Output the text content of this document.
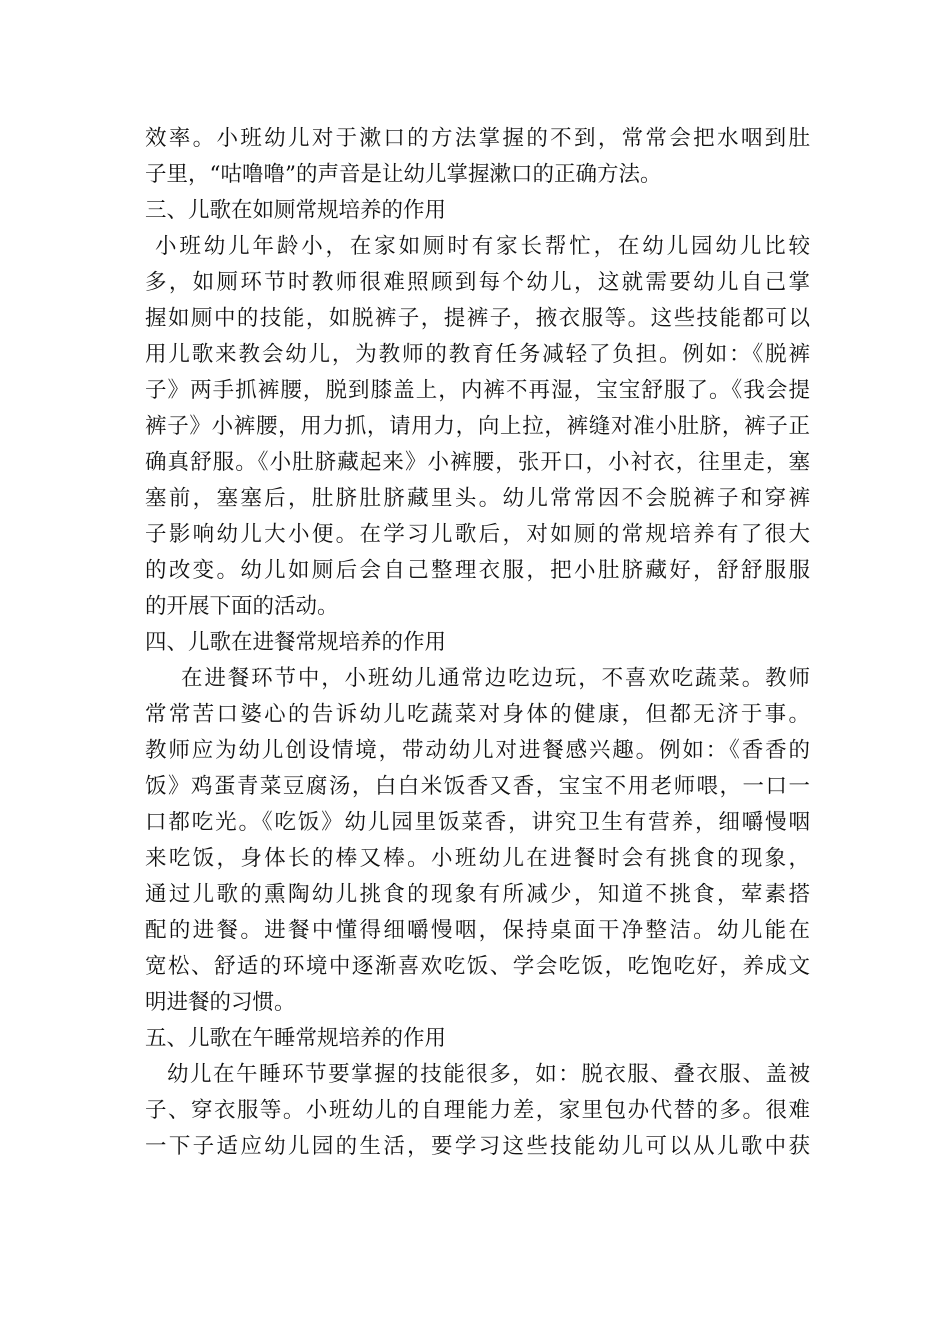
效率。小班幼儿对于漱口的方法掌握的不到，常常会把水咽到肚
子里，“咕噜噜”的声音是让幼儿掌握漱口的正确方法。
三、儿歌在如厕常规培养的作用
小班幼儿年龄小，在家如厕时有家长帮忙，在幼儿园幼儿比较
多，如厕环节时教师很难照顾到每个幼儿，这就需要幼儿自己掌
握如厕中的技能，如脱裤子，提裤子，掖衣服等。这些技能都可以
用儿歌来教会幼儿，为教师的教育任务减轻了负担。例如：《脱裤
子》两手抓裤腰，脱到膝盖上，内裤不再湿，宝宝舒服了。《我会提
裤子》小裤腰，用力抓，请用力，向上拉，裤缝对准小肚脐，裤子正
确真舒服。《小肚脐藏起来》小裤腰，张开口，小衬衣，往里走，塞
塞前，塞塞后，肚脐肚脐藏里头。幼儿常常因不会脱裤子和穿裤
子影响幼儿大小便。在学习儿歌后，对如厕的常规培养有了很大
的改变。幼儿如厕后会自己整理衣服，把小肚脐藏好，舒舒服服
的开展下面的活动。
四、儿歌在进餐常规培养的作用
在进餐环节中，小班幼儿通常边吃边玩，不喜欢吃蔬菜。教师
常常苦口婆心的告诉幼儿吃蔬菜对身体的健康，但都无济于事。
教师应为幼儿创设情境，带动幼儿对进餐感兴趣。例如：《香香的
饭》鸡蛋青菜豆腐汤，白白米饭香又香，宝宝不用老师喂，一口一
口都吃光。《吃饭》幼儿园里饭菜香，讲究卫生有营养，细嚼慢咽
来吃饭，身体长的棒又棒。小班幼儿在进餐时会有挑食的现象，
通过儿歌的熏陶幼儿挑食的现象有所减少，知道不挑食，荤素搭
配的进餐。进餐中懂得细嚼慢咽，保持桌面干净整洁。幼儿能在
宽松、舒适的环境中逐渐喜欢吃饭、学会吃饭，吃饱吃好，养成文
明进餐的习惯。
五、儿歌在午睡常规培养的作用
幼儿在午睡环节要掌握的技能很多，如：脱衣服、叠衣服、盖被
子、穿衣服等。小班幼儿的自理能力差，家里包办代替的多。很难
一下子适应幼儿园的生活，要学习这些技能幼儿可以从儿歌中获
